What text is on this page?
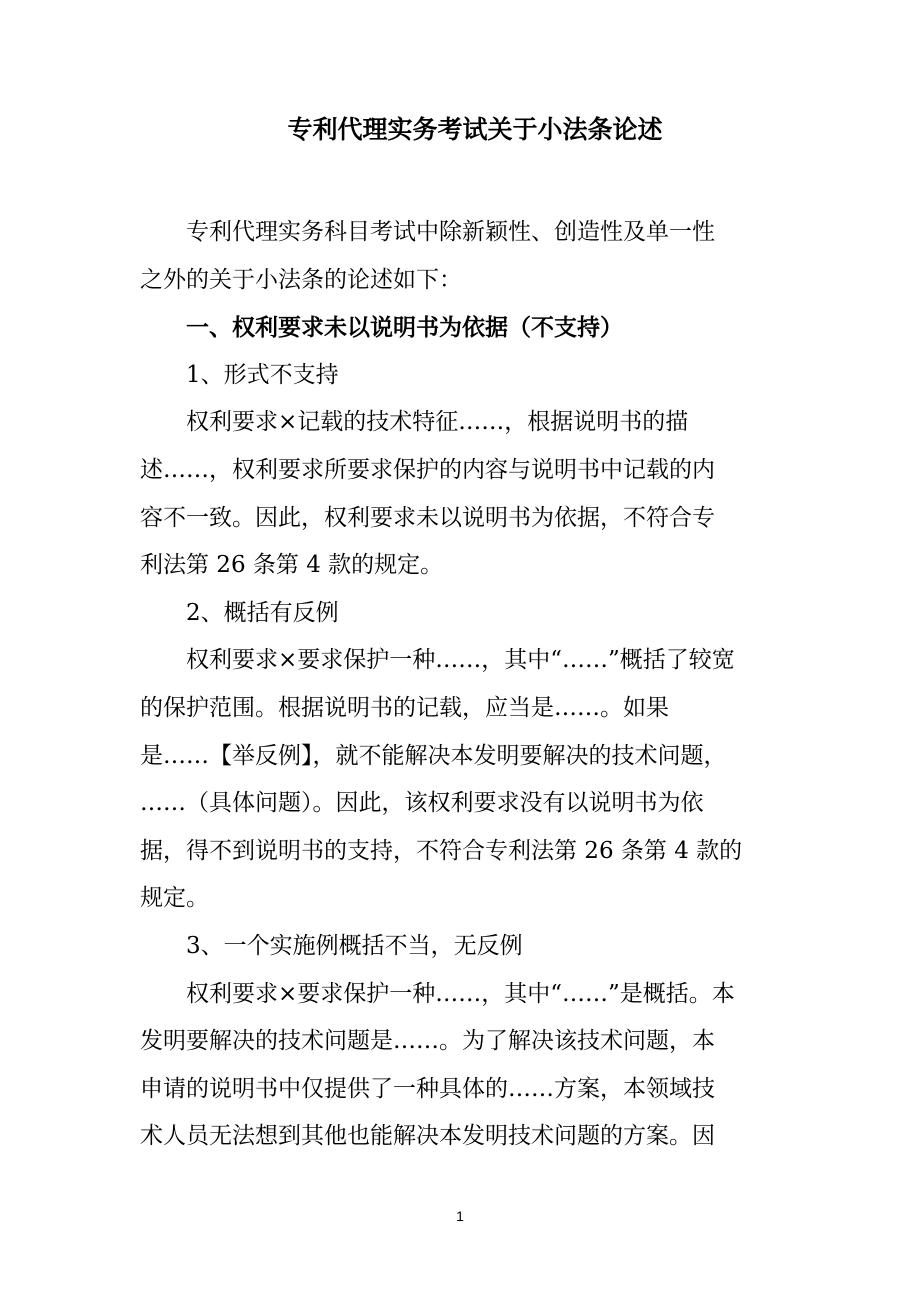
专利代理实务考试关于小法条论述
专利代理实务科目考试中除新颖性、创造性及单一性
之外的关于小法条的论述如下：
一、权利要求未以说明书为依据（不支持）
1、形式不支持
权利要求×记载的技术特征……，根据说明书的描
述……，权利要求所要求保护的内容与说明书中记载的内
容不一致。因此，权利要求未以说明书为依据，不符合专
利法第 26 条第 4 款的规定。
2、概括有反例
权利要求×要求保护一种……，其中“……”概括了较宽
的保护范围。根据说明书的记载，应当是……。如果
是……【举反例】，就不能解决本发明要解决的技术问题，
……（具体问题）。因此，该权利要求没有以说明书为依
据，得不到说明书的支持，不符合专利法第 26 条第 4 款的
规定。
3、一个实施例概括不当，无反例
权利要求×要求保护一种……，其中“……”是概括。本
发明要解决的技术问题是……。为了解决该技术问题，本
申请的说明书中仅提供了一种具体的……方案，本领域技
术人员无法想到其他也能解决本发明技术问题的方案。因
1
